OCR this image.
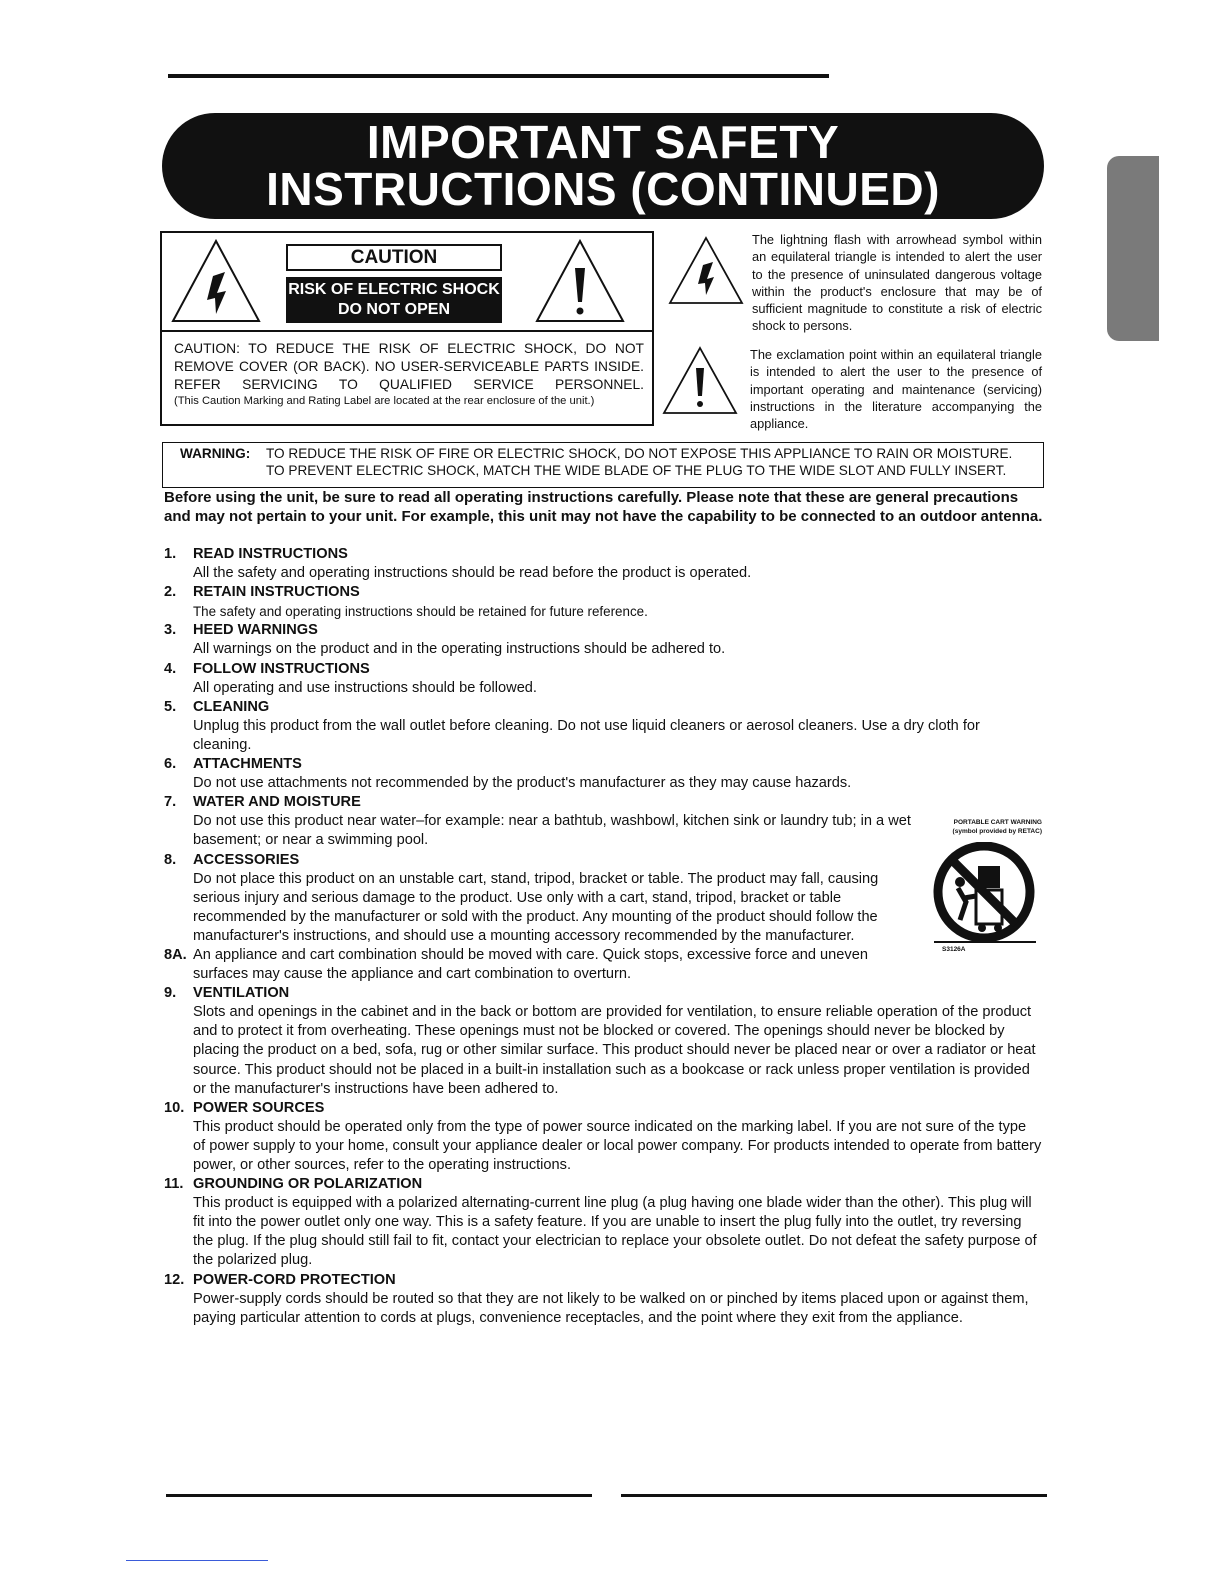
IMPORTANT SAFETY
INSTRUCTIONS (CONTINUED)
CAUTION
RISK OF ELECTRIC SHOCK
DO NOT OPEN
CAUTION: TO REDUCE THE RISK OF ELECTRIC SHOCK, DO NOT REMOVE COVER (OR BACK). NO USER-SERVICEABLE PARTS INSIDE. REFER SERVICING TO QUALIFIED SERVICE PERSONNEL.
(This Caution Marking and Rating Label are located at the rear enclosure of the unit.)
The lightning flash with arrowhead symbol within an equilateral triangle is intended to alert the user to the presence of uninsulated dangerous voltage within the product's enclosure that may be of sufficient magnitude to constitute a risk of electric shock to persons.
The exclamation point within an equilateral triangle is intended to alert the user to the presence of important operating and maintenance (servicing) instructions in the literature accompanying the appliance.
WARNING: TO REDUCE THE RISK OF FIRE OR ELECTRIC SHOCK, DO NOT EXPOSE THIS APPLIANCE TO RAIN OR MOISTURE.
TO PREVENT ELECTRIC SHOCK, MATCH THE WIDE BLADE OF THE PLUG TO THE WIDE SLOT AND FULLY INSERT.
Before using the unit, be sure to read all operating instructions carefully. Please note that these are general precautions and may not pertain to your unit. For example, this unit may not have the capability to be connected to an outdoor antenna.
1. READ INSTRUCTIONS
All the safety and operating instructions should be read before the product is operated.
2. RETAIN INSTRUCTIONS
The safety and operating instructions should be retained for future reference.
3. HEED WARNINGS
All warnings on the product and in the operating instructions should be adhered to.
4. FOLLOW INSTRUCTIONS
All operating and use instructions should be followed.
5. CLEANING
Unplug this product from the wall outlet before cleaning. Do not use liquid cleaners or aerosol cleaners. Use a dry cloth for cleaning.
6. ATTACHMENTS
Do not use attachments not recommended by the product's manufacturer as they may cause hazards.
7. WATER AND MOISTURE
Do not use this product near water–for example: near a bathtub, washbowl, kitchen sink or laundry tub; in a wet basement; or near a swimming pool.
8. ACCESSORIES
Do not place this product on an unstable cart, stand, tripod, bracket or table. The product may fall, causing serious injury and serious damage to the product. Use only with a cart, stand, tripod, bracket or table recommended by the manufacturer or sold with the product. Any mounting of the product should follow the manufacturer's instructions, and should use a mounting accessory recommended by the manufacturer.
8A. An appliance and cart combination should be moved with care. Quick stops, excessive force and uneven surfaces may cause the appliance and cart combination to overturn.
9. VENTILATION
Slots and openings in the cabinet and in the back or bottom are provided for ventilation, to ensure reliable operation of the product and to protect it from overheating. These openings must not be blocked or covered. The openings should never be blocked by placing the product on a bed, sofa, rug or other similar surface. This product should never be placed near or over a radiator or heat source. This product should not be placed in a built-in installation such as a bookcase or rack unless proper ventilation is provided or the manufacturer's instructions have been adhered to.
10. POWER SOURCES
This product should be operated only from the type of power source indicated on the marking label. If you are not sure of the type of power supply to your home, consult your appliance dealer or local power company. For products intended to operate from battery power, or other sources, refer to the operating instructions.
11. GROUNDING OR POLARIZATION
This product is equipped with a polarized alternating-current line plug (a plug having one blade wider than the other). This plug will fit into the power outlet only one way. This is a safety feature. If you are unable to insert the plug fully into the outlet, try reversing the plug. If the plug should still fail to fit, contact your electrician to replace your obsolete outlet. Do not defeat the safety purpose of the polarized plug.
12. POWER-CORD PROTECTION
Power-supply cords should be routed so that they are not likely to be walked on or pinched by items placed upon or against them, paying particular attention to cords at plugs, convenience receptacles, and the point where they exit from the appliance.
PORTABLE CART WARNING
(symbol provided by RETAC)
S3126A
